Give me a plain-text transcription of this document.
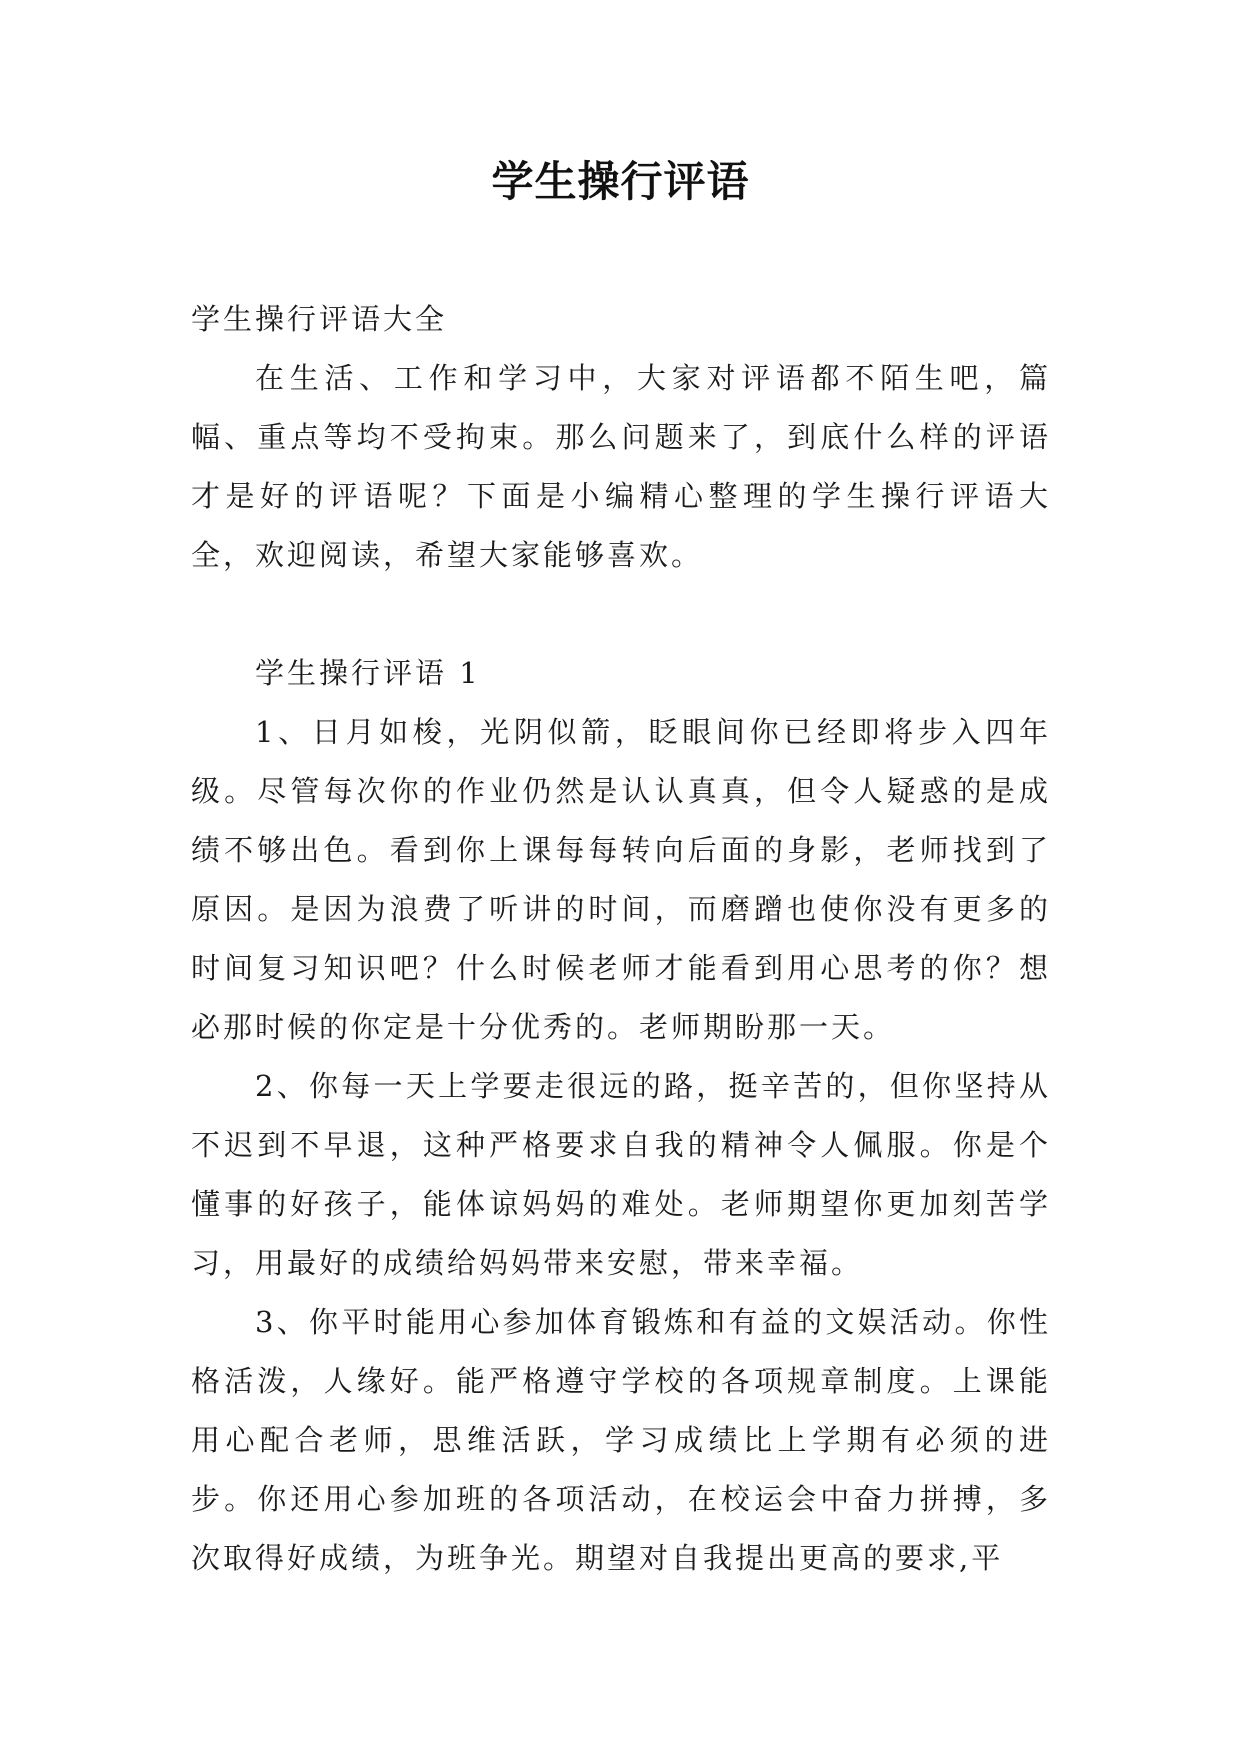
学生操行评语

学生操行评语大全

在生活、工作和学习中，大家对评语都不陌生吧，篇幅、重点等均不受拘束。那么问题来了，到底什么样的评语才是好的评语呢？下面是小编精心整理的学生操行评语大全，欢迎阅读，希望大家能够喜欢。

学生操行评语 1

1、日月如梭，光阴似箭，眨眼间你已经即将步入四年级。尽管每次你的作业仍然是认认真真，但令人疑惑的是成绩不够出色。看到你上课每每转向后面的身影，老师找到了原因。是因为浪费了听讲的时间，而磨蹭也使你没有更多的时间复习知识吧？什么时候老师才能看到用心思考的你？想必那时候的你定是十分优秀的。老师期盼那一天。

2、你每一天上学要走很远的路，挺辛苦的，但你坚持从不迟到不早退，这种严格要求自我的精神令人佩服。你是个懂事的好孩子，能体谅妈妈的难处。老师期望你更加刻苦学习，用最好的成绩给妈妈带来安慰，带来幸福。

3、你平时能用心参加体育锻炼和有益的文娱活动。你性格活泼，人缘好。能严格遵守学校的各项规章制度。上课能用心配合老师，思维活跃，学习成绩比上学期有必须的进步。你还用心参加班的各项活动，在校运会中奋力拼搏，多次取得好成绩，为班争光。期望对自我提出更高的要求,平
